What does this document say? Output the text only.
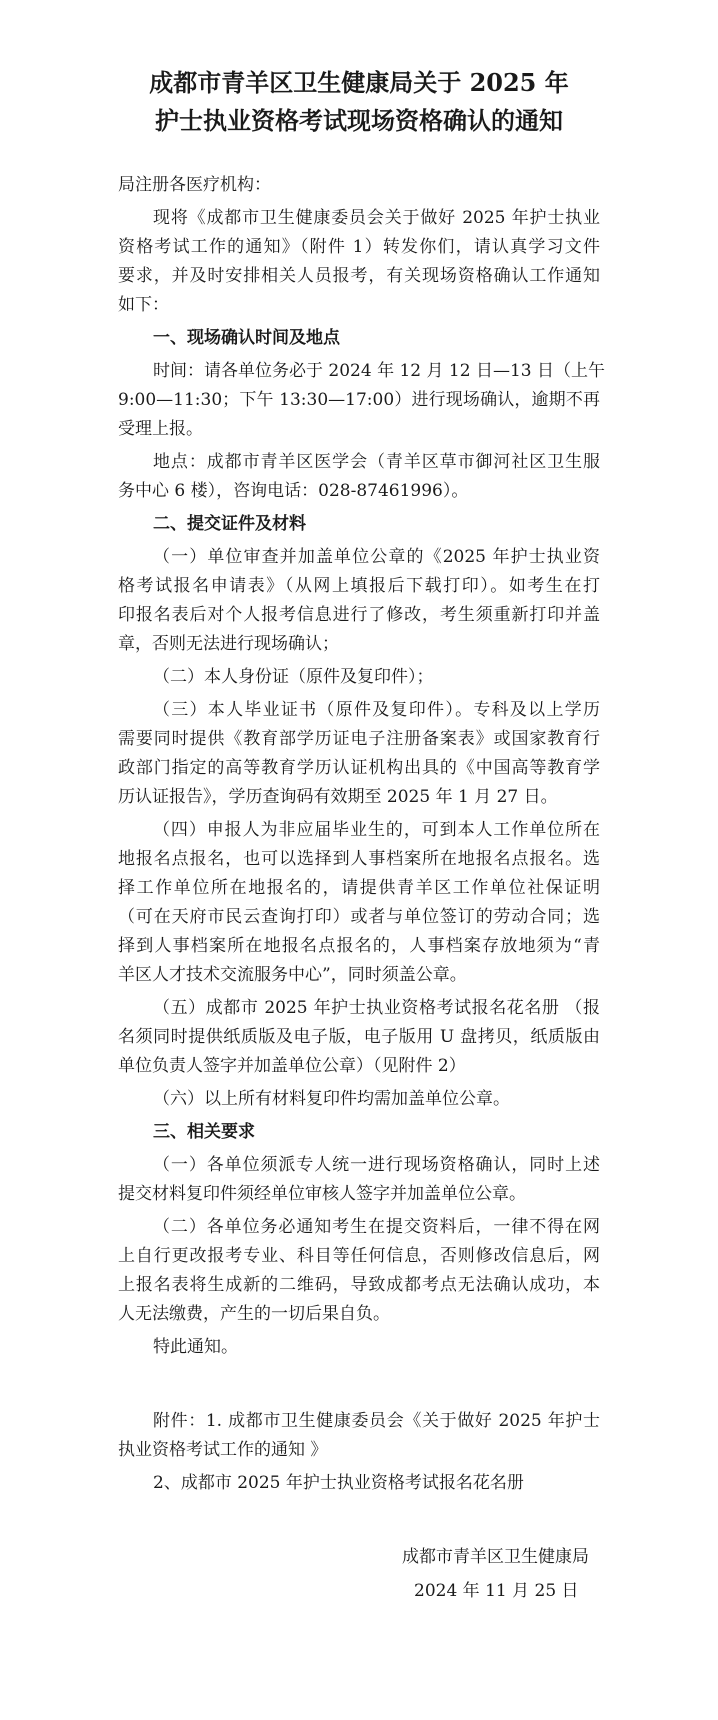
成都市青羊区卫生健康局关于 2025 年
护士执业资格考试现场资格确认的通知
局注册各医疗机构：
现将《成都市卫生健康委员会关于做好 2025 年护士执业
资格考试工作的通知》（附件 1）转发你们，请认真学习文件
要求，并及时安排相关人员报考，有关现场资格确认工作通知
如下：
一、现场确认时间及地点
时间：请各单位务必于 2024 年 12 月 12 日—13 日（上午
9:00—11:30；下午 13:30—17:00）进行现场确认，逾期不再
受理上报。
地点：成都市青羊区医学会（青羊区草市御河社区卫生服
务中心 6 楼），咨询电话：028-87461996）。
二、提交证件及材料
（一）单位审查并加盖单位公章的《2025 年护士执业资
格考试报名申请表》（从网上填报后下载打印）。如考生在打
印报名表后对个人报考信息进行了修改，考生须重新打印并盖
章，否则无法进行现场确认；
（二）本人身份证（原件及复印件）；
（三）本人毕业证书（原件及复印件）。专科及以上学历
需要同时提供《教育部学历证电子注册备案表》或国家教育行
政部门指定的高等教育学历认证机构出具的《中国高等教育学
历认证报告》，学历查询码有效期至 2025 年 1 月 27 日。
（四）申报人为非应届毕业生的，可到本人工作单位所在
地报名点报名，也可以选择到人事档案所在地报名点报名。选
择工作单位所在地报名的，请提供青羊区工作单位社保证明
（可在天府市民云查询打印）或者与单位签订的劳动合同；选
择到人事档案所在地报名点报名的，人事档案存放地须为“青
羊区人才技术交流服务中心”，同时须盖公章。
（五）成都市 2025 年护士执业资格考试报名花名册 （报
名须同时提供纸质版及电子版，电子版用 U 盘拷贝，纸质版由
单位负责人签字并加盖单位公章）（见附件 2）
（六）以上所有材料复印件均需加盖单位公章。
三、相关要求
（一）各单位须派专人统一进行现场资格确认，同时上述
提交材料复印件须经单位审核人签字并加盖单位公章。
（二）各单位务必通知考生在提交资料后，一律不得在网
上自行更改报考专业、科目等任何信息，否则修改信息后，网
上报名表将生成新的二维码，导致成都考点无法确认成功，本
人无法缴费，产生的一切后果自负。
特此通知。
附件：1. 成都市卫生健康委员会《关于做好 2025 年护士
执业资格考试工作的通知 》
2、成都市 2025 年护士执业资格考试报名花名册
成都市青羊区卫生健康局
2024 年 11 月 25 日
